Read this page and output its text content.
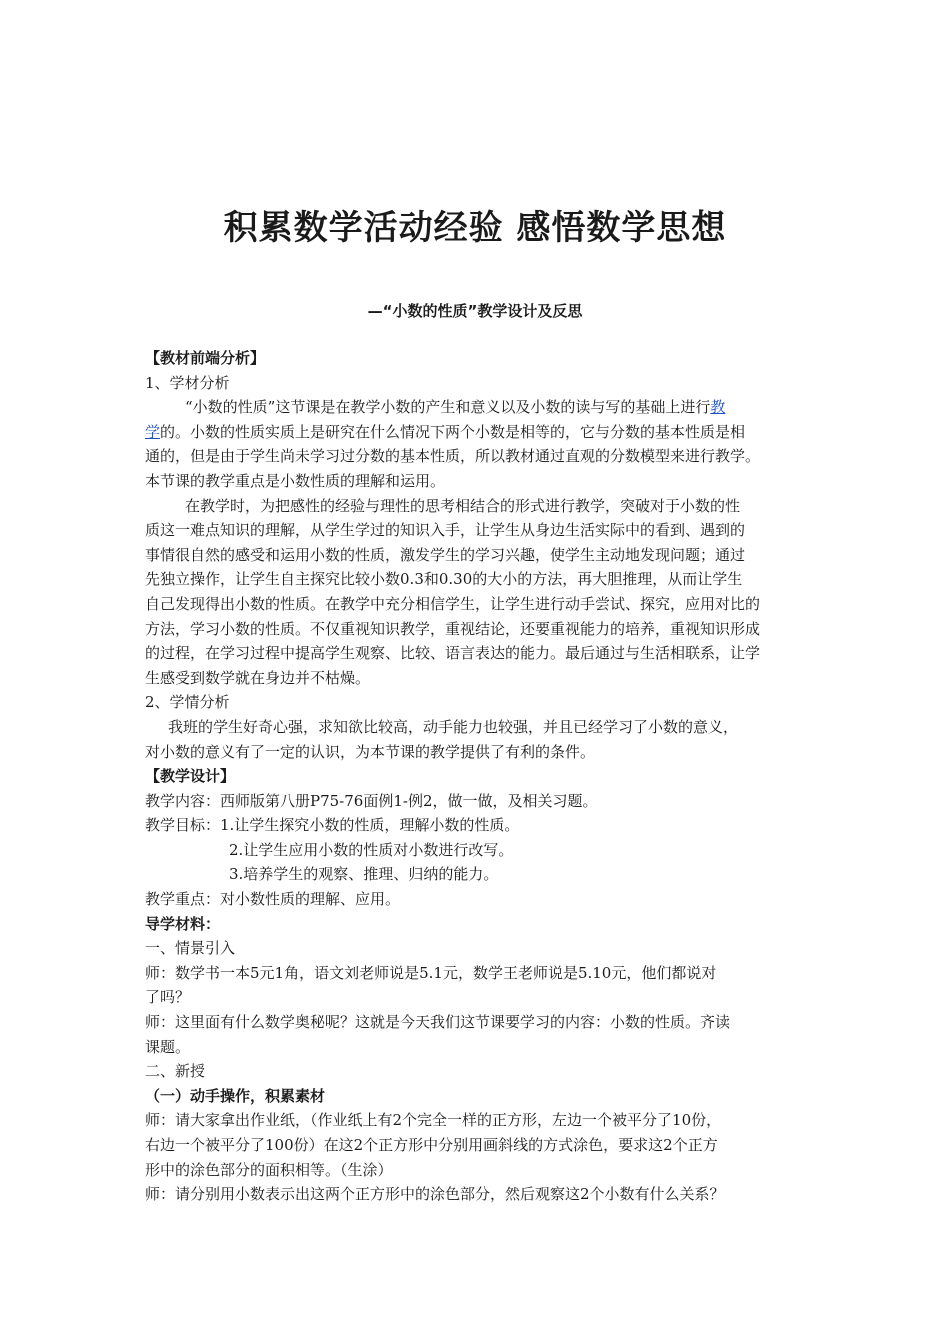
积累数学活动经验 感悟数学思想
—“小数的性质”教学设计及反思
【教材前端分析】
1、学材分析
“小数的性质”这节课是在教学小数的产生和意义以及小数的读与写的基础上进行教
学的。小数的性质实质上是研究在什么情况下两个小数是相等的，它与分数的基本性质是相
通的，但是由于学生尚未学习过分数的基本性质，所以教材通过直观的分数模型来进行教学。
本节课的教学重点是小数性质的理解和运用。
在教学时，为把感性的经验与理性的思考相结合的形式进行教学，突破对于小数的性
质这一难点知识的理解，从学生学过的知识入手，让学生从身边生活实际中的看到、遇到的
事情很自然的感受和运用小数的性质，激发学生的学习兴趣，使学生主动地发现问题；通过
先独立操作，让学生自主探究比较小数0.3和0.30的大小的方法，再大胆推理，从而让学生
自己发现得出小数的性质。在教学中充分相信学生，让学生进行动手尝试、探究，应用对比的
方法，学习小数的性质。不仅重视知识教学，重视结论，还要重视能力的培养，重视知识形成
的过程，在学习过程中提高学生观察、比较、语言表达的能力。最后通过与生活相联系，让学
生感受到数学就在身边并不枯燥。
2、学情分析
我班的学生好奇心强，求知欲比较高，动手能力也较强，并且已经学习了小数的意义，
对小数的意义有了一定的认识，为本节课的教学提供了有利的条件。
【教学设计】
教学内容：西师版第八册P75-76面例1-例2，做一做，及相关习题。
教学目标：1.让学生探究小数的性质，理解小数的性质。
2.让学生应用小数的性质对小数进行改写。
3.培养学生的观察、推理、归纳的能力。
教学重点：对小数性质的理解、应用。
导学材料：
一、情景引入
师：数学书一本5元1角，语文刘老师说是5.1元，数学王老师说是5.10元，他们都说对
了吗？
师：这里面有什么数学奥秘呢？这就是今天我们这节课要学习的内容：小数的性质。齐读
课题。
二、新授
（一）动手操作，积累素材
师：请大家拿出作业纸，（作业纸上有2个完全一样的正方形，左边一个被平分了10份，
右边一个被平分了100份）在这2个正方形中分别用画斜线的方式涂色，要求这2个正方
形中的涂色部分的面积相等。（生涂）
师：请分别用小数表示出这两个正方形中的涂色部分，然后观察这2个小数有什么关系？
